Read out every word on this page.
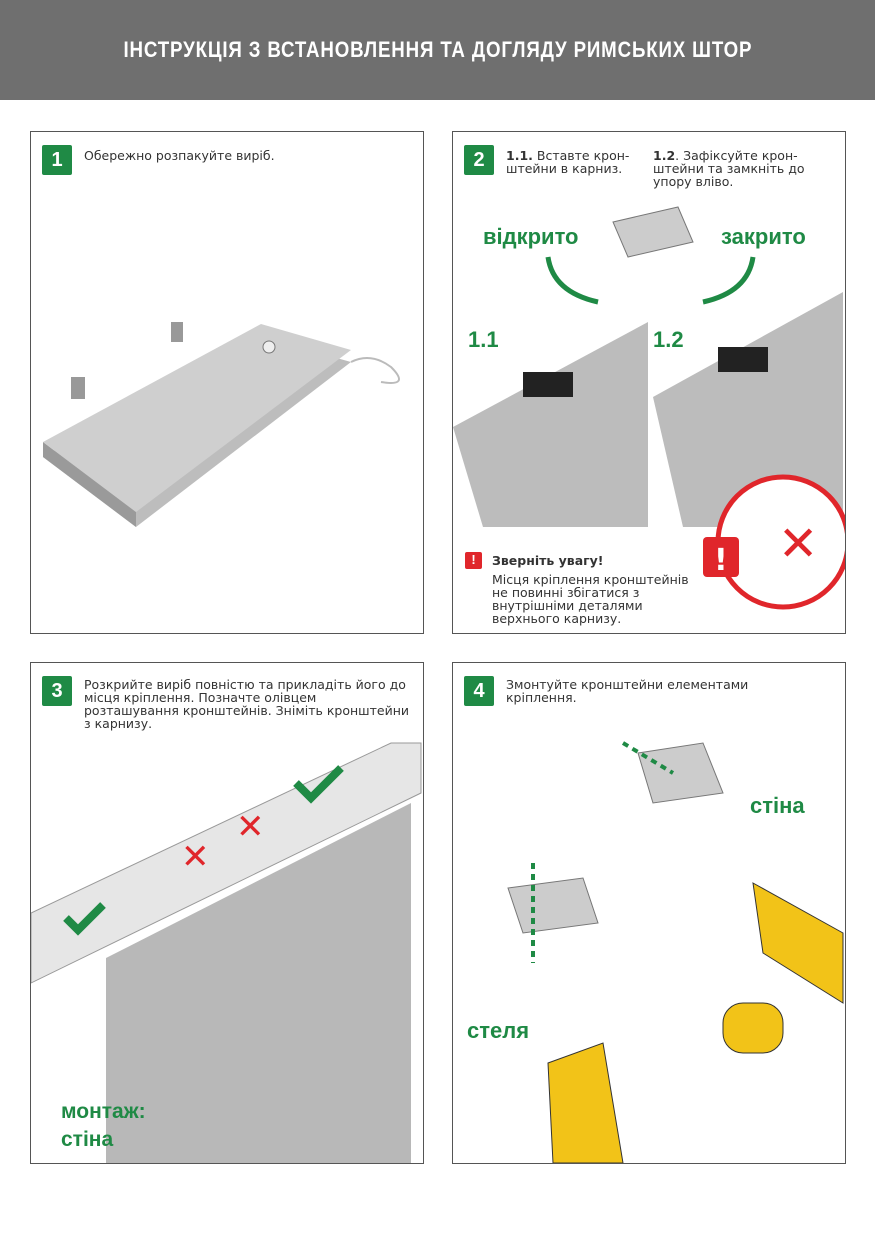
ІНСТРУКЦІЯ З ВСТАНОВЛЕННЯ ТА ДОГЛЯДУ РИМСЬКИХ ШТОР
1	Обережно розпакуйте виріб.	2	1.1. Вставте крон-штейни в карниз.
1.2. Зафіксуйте крон-штейни та замкніть до упору вліво.
відкрито	закрито
1.1	1.2
✕
!
!	Зверніть увагу!
Місця кріплення кронштейнів не повинні збігатися з внутрішніми деталями верхнього карнизу.
3	Розкрийте виріб повністю та прикладіть його до місця кріплення. Позначте олівцем розташування кронштейнів. Зніміть кронштейни з карнизу.
✕
✕
монтаж:
стіна
4	Змонтуйте кронштейни елементами кріплення.
стіна
стеля
